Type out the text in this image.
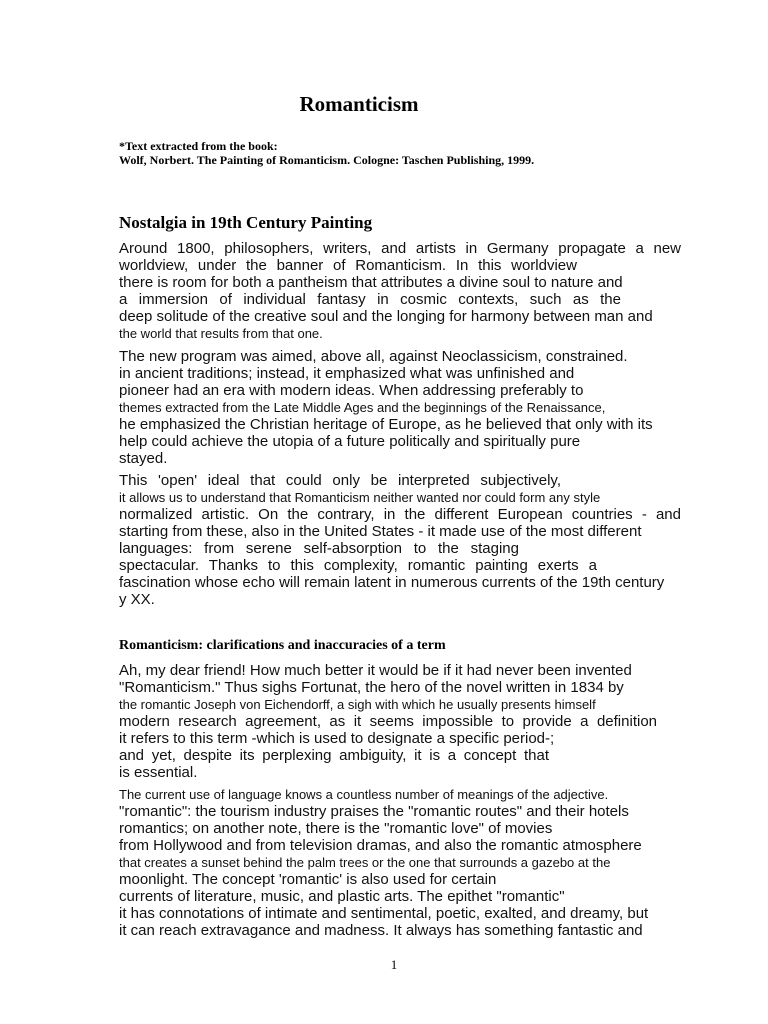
Romanticism
*Text extracted from the book:
Wolf, Norbert. The Painting of Romanticism. Cologne: Taschen Publishing, 1999.
Nostalgia in 19th Century Painting
Around 1800, philosophers, writers, and artists in Germany propagate a new
worldview, under the banner of Romanticism. In this worldview
there is room for both a pantheism that attributes a divine soul to nature and
a immersion of individual fantasy in cosmic contexts, such as the
deep solitude of the creative soul and the longing for harmony between man and
the world that results from that one.
The new program was aimed, above all, against Neoclassicism, constrained.
in ancient traditions; instead, it emphasized what was unfinished and
pioneer had an era with modern ideas. When addressing preferably to
themes extracted from the Late Middle Ages and the beginnings of the Renaissance,
he emphasized the Christian heritage of Europe, as he believed that only with its
help could achieve the utopia of a future politically and spiritually pure
stayed.
This 'open' ideal that could only be interpreted subjectively,
it allows us to understand that Romanticism neither wanted nor could form any style
normalized artistic. On the contrary, in the different European countries - and
starting from these, also in the United States - it made use of the most different
languages: from serene self-absorption to the staging
spectacular. Thanks to this complexity, romantic painting exerts a
fascination whose echo will remain latent in numerous currents of the 19th century
y XX.
Romanticism: clarifications and inaccuracies of a term
Ah, my dear friend! How much better it would be if it had never been invented
"Romanticism." Thus sighs Fortunat, the hero of the novel written in 1834 by
the romantic Joseph von Eichendorff, a sigh with which he usually presents himself
modern research agreement, as it seems impossible to provide a definition
it refers to this term -which is used to designate a specific period-;
and yet, despite its perplexing ambiguity, it is a concept that
is essential.
The current use of language knows a countless number of meanings of the adjective.
"romantic": the tourism industry praises the "romantic routes" and their hotels
romantics; on another note, there is the "romantic love" of movies
from Hollywood and from television dramas, and also the romantic atmosphere
that creates a sunset behind the palm trees or the one that surrounds a gazebo at the
moonlight. The concept 'romantic' is also used for certain
currents of literature, music, and plastic arts. The epithet "romantic"
it has connotations of intimate and sentimental, poetic, exalted, and dreamy, but
it can reach extravagance and madness. It always has something fantastic and
1
